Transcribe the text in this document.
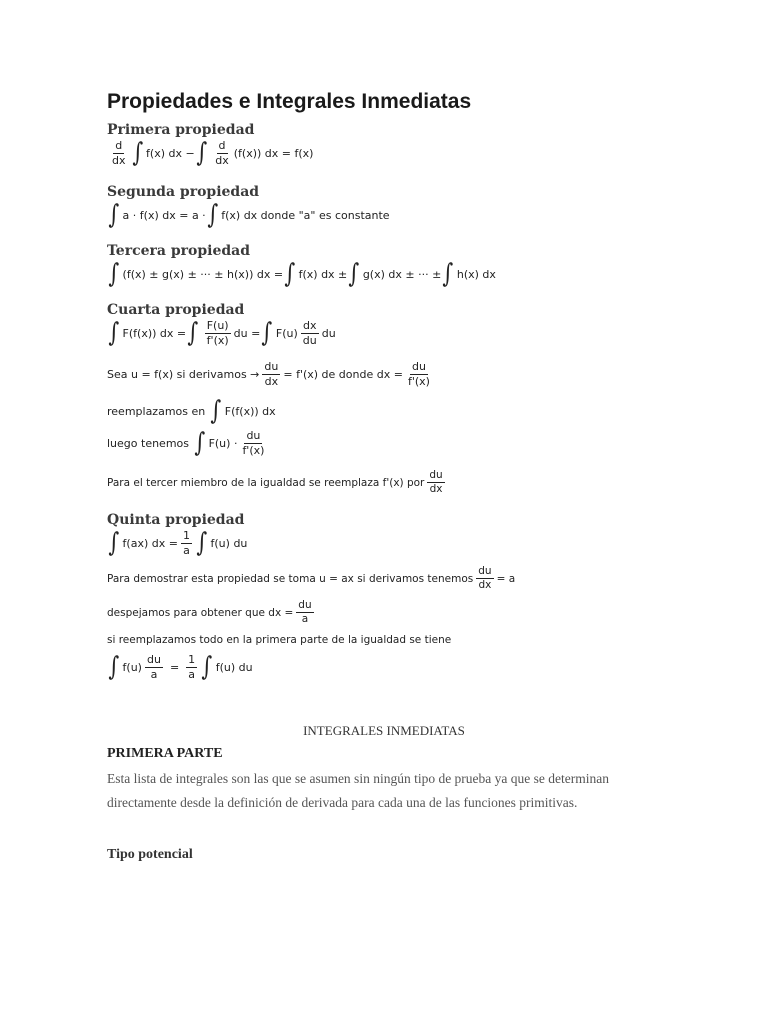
Propiedades e Integrales Inmediatas
Primera propiedad
$\frac{d}{dx}$ ∫ f(x) dx − ∫ $\frac{d}{dx} (f(x))$ dx = f(x)
Segunda propiedad
∫ a · f(x) dx = a · ∫ f(x) dx donde "a" es constante
Tercera propiedad
∫ (f(x) ± g(x) ± ··· ± h(x)) dx = ∫ f(x) dx ± ∫ g(x) dx ± ··· ± ∫ h(x) dx
Cuarta propiedad
∫ F(f(x)) dx = ∫ $\frac{F(u)}{f'(x)}$ du = ∫ $F(u) \frac{dx}{du}$ du
Sea u = f(x) si derivamos → $\frac{du}{dx} = f'(x)$ de donde dx = $\frac{du}{f'(x)}$
reemplazamos en ∫ F(f(x)) dx
luego tenemos ∫ $F(u) \cdot \frac{du}{f'(x)}$
Para el tercer miembro de la igualdad se reemplaza f'(x) por $\frac{du}{dx}$
Quinta propiedad
∫ f(ax) dx = $\frac{1}{a}$ ∫ f(u) du
Para demostrar esta propiedad se toma u = ax si derivamos tenemos $\frac{du}{dx} = a$
despejamos para obtener que dx = $\frac{du}{a}$
si reemplazamos todo en la primera parte de la igualdad se tiene
∫ $f(u) \frac{du}{a} = \frac{1}{a}$ ∫ f(u) du
INTEGRALES INMEDIATAS
PRIMERA PARTE
Esta lista de integrales son las que se asumen sin ningún tipo de prueba ya que se determinan directamente desde la definición de derivada para cada una de las funciones primitivas.
Tipo potencial
